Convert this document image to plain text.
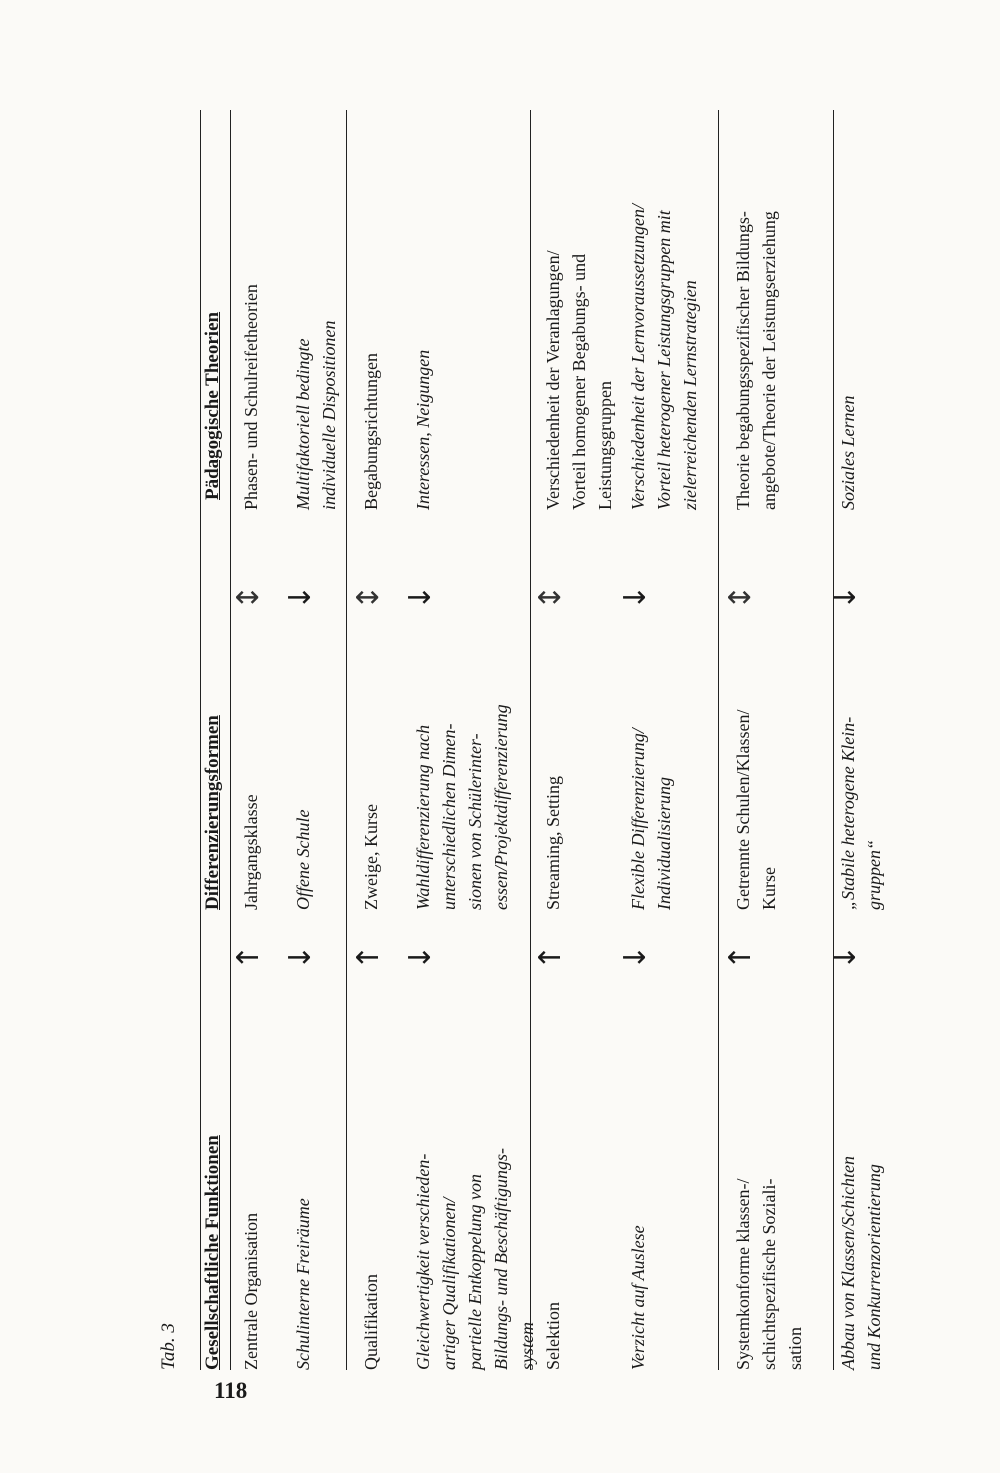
118
Tab. 3 Gesellschaftliche Funktionen
Differenzierungsformen
Pädagogische Theorien
Zentrale Organisation
↑
Jahrgangsklasse
↕
Phasen- und Schulreifetheorien
Schulinterne Freiräume
↓
Offene Schule
↓
Multifaktoriell bedingte individuelle Dispositionen
Qualifikation
↑
Zweige, Kurse
↕
Begabungsrichtungen
Gleichwertigkeit verschieden- artiger Qualifikationen/ partielle Entkoppelung von Bildungs- und Beschäftigungs- system
↓
Wahldifferenzierung nach unterschiedlichen Dimen- sionen von Schülerinter- essen/Projektdifferenzierung
↓
Interessen, Neigungen
Selektion
↑
Streaming, Setting
↕
Verschiedenheit der Veranlagungen/ Vorteil homogener Begabungs- und Leistungsgruppen
Verzicht auf Auslese
↓
Flexible Differenzierung/ Individualisierung
↓
Verschiedenheit der Lernvoraussetzungen/ Vorteil heterogener Leistungsgruppen mit zielerreichenden Lernstrategien
Systemkonforme klassen-/ schichtspezifische Soziali- sation
↑
Getrennte Schulen/Klassen/ Kurse
↕
Theorie begabungsspezifischer Bildungs- angebote/Theorie der Leistungserziehung
Abbau von Klassen/Schichten und Konkurrenzorientierung
↓
„Stabile heterogene Klein- gruppen“
↓
Soziales Lernen
